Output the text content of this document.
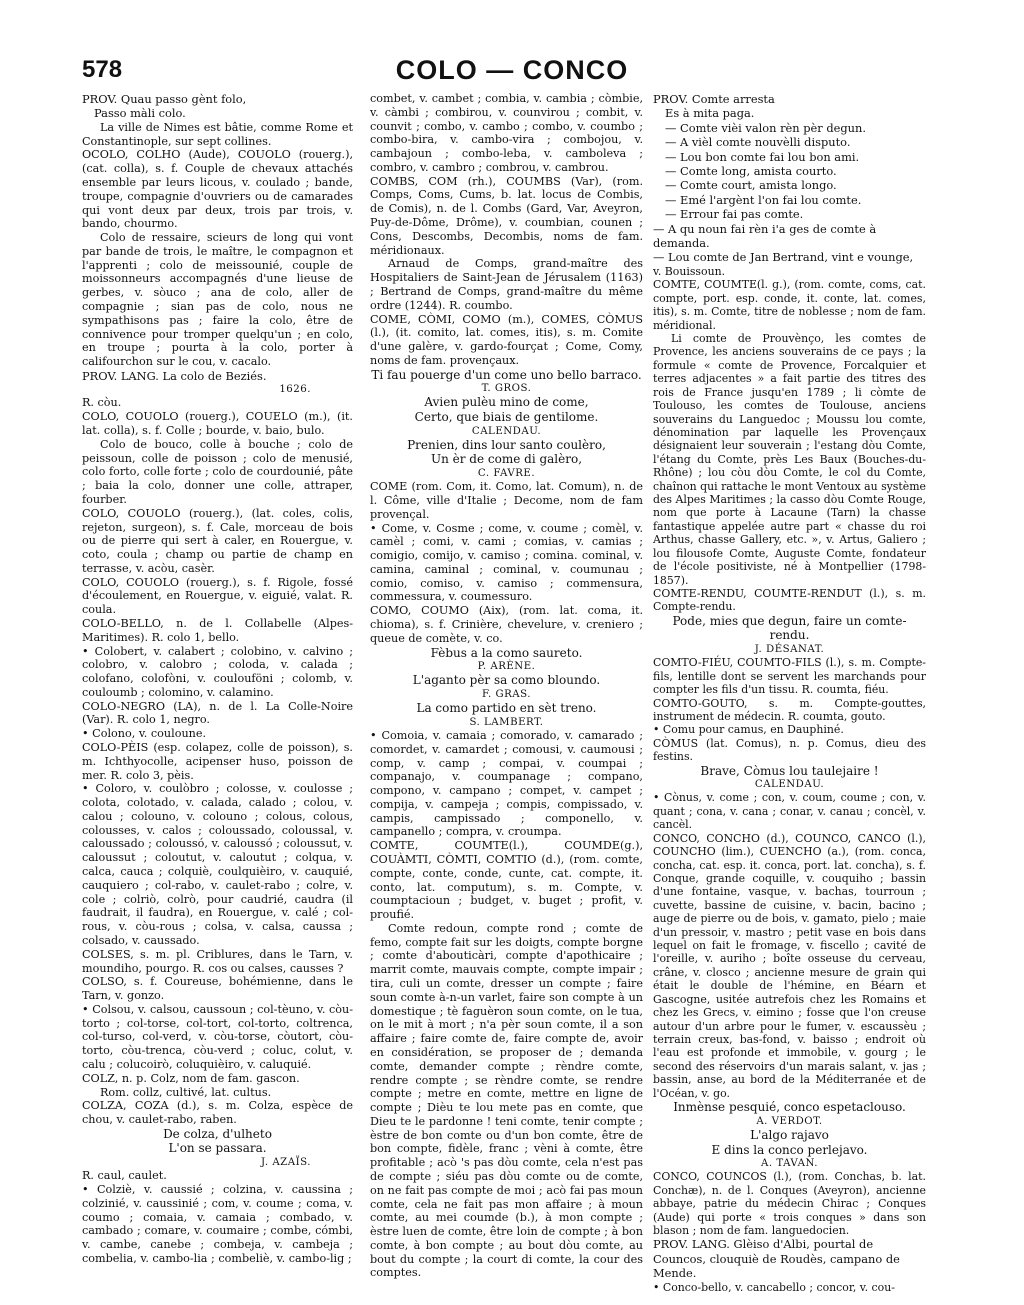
578	COLO — CONCO

PROV. Quau passo gènt folo,

Passo màli colo.

La ville de Nimes est bâtie, comme Rome et Constantinople, sur sept collines.

OCOLO, COLHO (Aude), COUOLO (rouerg.), (cat. colla), s. f. Couple de chevaux attachés ensemble par leurs licous, v. coulado ; bande, troupe, compagnie d'ouvriers ou de camarades qui vont deux par deux, trois par trois, v. bando, chourmo.

Colo de ressaire, scieurs de long qui vont par bande de trois, le maître, le compagnon et l'apprenti ; colo de meissounié, couple de moissonneurs accompagnés d'une lieuse de gerbes, v. sòuco ; ana de colo, aller de compagnie ; sian pas de colo, nous ne sympathisons pas ; faire la colo, être de connivence pour tromper quelqu'un ; en colo, en troupe ; pourta à la colo, porter à califourchon sur le cou, v. cacalo.

PROV. LANG. La colo de Beziés.

1626.

R. còu.

COLO, COUOLO (rouerg.), COUELO (m.), (it. lat. colla), s. f. Colle ; bourde, v. baio, bulo.

Colo de bouco, colle à bouche ; colo de peissoun, colle de poisson ; colo de menusié, colo forto, colle forte ; colo de courdounié, pâte ; baia la colo, donner une colle, attraper, fourber.

COLO, COUOLO (rouerg.), (lat. coles, colis, rejeton, surgeon), s. f. Cale, morceau de bois ou de pierre qui sert à caler, en Rouergue, v. coto, coula ; champ ou partie de champ en terrasse, v. acòu, casèr.

COLO, COUOLO (rouerg.), s. f. Rigole, fossé d'écoulement, en Rouergue, v. eiguié, valat. R. coula.

COLO-BELLO, n. de l. Collabelle (Alpes-Maritimes). R. colo 1, bello.

• Colobert, v. calabert ; colobino, v. calvino ; colobro, v. calobro ; coloda, v. calada ; colofano, colofòni, v. coulouföni ; colomb, v. couloumb ; colomino, v. calamino.

COLO-NEGRO (LA), n. de l. La Colle-Noire (Var). R. colo 1, negro.

• Colono, v. couloune.

COLO-PÈIS (esp. colapez, colle de poisson), s. m. Ichthyocolle, acipenser huso, poisson de mer. R. colo 3, pèis.

• Coloro, v. coulòbro ; colosse, v. coulosse ; colota, colotado, v. calada, calado ; colou, v. calou ; colouno, v. colouno ; colous, colous, colousses, v. calos ; coloussado, coloussal, v. caloussado ; coloussó, v. caloussó ; coloussut, v. caloussut ; coloutut, v. caloutut ; colqua, v. calca, cauca ; colquiè, coulquièiro, v. cauquié, cauquiero ; col-rabo, v. caulet-rabo ; colre, v. cole ; colriò, colrò, pour caudrié, caudra (il faudrait, il faudra), en Rouergue, v. calé ; col-rous, v. còu-rous ; colsa, v. calsa, caussa ; colsado, v. caussado.

COLSES, s. m. pl. Criblures, dans le Tarn, v. moundiho, pourgo. R. cos ou calses, causses ?

COLSO, s. f. Coureuse, bohémienne, dans le Tarn, v. gonzo.

• Colsou, v. calsou, caussoun ; col-tèuno, v. còu-torto ; col-torse, col-tort, col-torto, coltrenca, col-turso, col-verd, v. còu-torse, còutort, còu-torto, còu-trenca, còu-verd ; coluc, colut, v. calu ; colucoirò, coluquièiro, v. caluquié.

COLZ, n. p. Colz, nom de fam. gascon.

Rom. collz, cultivé, lat. cultus.

COLZA, COZA (d.), s. m. Colza, espèce de chou, v. caulet-rabo, raben.

De colza, d'ulheto

L'on se passara.

J. AZAÏS.

R. caul, caulet.

• Colziè, v. caussié ; colzina, v. caussina ; colzinié, v. caussinié ; com, v. coume ; coma, v. coumo ; comaia, v. camaia ; combado, v. cambado ; comare, v. coumaire ; combe, cómbi, v. cambe, canebe ; combeja, v. cambeja ; combelia, v. cambo-lia ; combeliè, v. cambo-lig ;

combet, v. cambet ; combia, v. cambia ; còmbie, v. càmbi ; combirou, v. counvirou ; combit, v. counvit ; combo, v. cambo ; combo, v. coumbo ; combo-bira, v. cambo-vira ; combojou, v. cambajoun ; combo-leba, v. camboleva ; combro, v. cambro ; combrou, v. cambrou.

COMBS, COM (rh.), COUMBS (Var), (rom. Comps, Coms, Cums, b. lat. locus de Combis, de Comis), n. de l. Combs (Gard, Var, Aveyron, Puy-de-Dôme, Drôme), v. coumbian, counen ; Cons, Descombs, Decombis, noms de fam. méridionaux.

Arnaud de Comps, grand-maître des Hospitaliers de Saint-Jean de Jérusalem (1163) ; Bertrand de Comps, grand-maître du même ordre (1244). R. coumbo.

COME, CÒMI, COMO (m.), COMES, CÒMUS (l.), (it. comito, lat. comes, itis), s. m. Comite d'une galère, v. gardo-fourçat ; Come, Comy, noms de fam. provençaux.

Ti fau pouerge d'un come uno bello barraco.

T. GROS.

Avien pulèu mino de come,

Certo, que biais de gentilome.

CALENDAU.

Prenien, dins lour santo coulèro,

Un èr de come di galèro,

C. FAVRE.

COME (rom. Com, it. Como, lat. Comum), n. de l. Côme, ville d'Italie ; Decome, nom de fam provençal.

• Come, v. Cosme ; come, v. coume ; comèl, v. camèl ; comi, v. cami ; comias, v. camias ; comigio, comijo, v. camiso ; comina. cominal, v. camina, caminal ; cominal, v. coumunau ; comio, comiso, v. camiso ; commensura, commessura, v. coumessuro.

COMO, COUMO (Aix), (rom. lat. coma, it. chioma), s. f. Crinière, chevelure, v. creniero ; queue de comète, v. co.

Fèbus a la como saureto.

P. ARÈNE.

L'aganto pèr sa como bloundo.

F. GRAS.

La como partido en sèt treno.

S. LAMBERT.

• Comoia, v. camaia ; comorado, v. camarado ; comordet, v. camardet ; comousi, v. caumousi ; comp, v. camp ; compai, v. coumpai ; companajo, v. coumpanage ; compano, compono, v. campano ; compet, v. campet ; compija, v. campeja ; compis, compissado, v. campis, campissado ; componello, v. campanello ; compra, v. croumpa.

COMTE, COUMTE(l.), COUMDE(g.), COUÀMTI, CÒMTI, COMTIO (d.), (rom. comte, compte, conte, conde, cunte, cat. compte, it. conto, lat. computum), s. m. Compte, v. coumptacioun ; budget, v. buget ; profit, v. proufié.

Comte redoun, compte rond ; comte de femo, compte fait sur les doigts, compte borgne ; comte d'abouticàri, compte d'apothicaire ; marrit comte, mauvais compte, compte impair ; tira, culi un comte, dresser un compte ; faire soun comte à-n-un varlet, faire son compte à un domestique ; tè faguèron soun comte, on le tua, on le mit à mort ; n'a pèr soun comte, il a son affaire ; faire comte de, faire compte de, avoir en considération, se proposer de ; demanda comte, demander compte ; rèndre comte, rendre compte ; se rèndre comte, se rendre compte ; metre en comte, mettre en ligne de compte ; Dièu te lou mete pas en comte, que Dieu te le pardonne ! teni comte, tenir compte ; èstre de bon comte ou d'un bon comte, être de bon compte, fidèle, franc ; vèni à comte, être profitable ; acò 's pas dòu comte, cela n'est pas de compte ; siéu pas dòu comte ou de comte, on ne fait pas compte de moi ; acò fai pas moun comte, cela ne fait pas mon affaire ; à moun comte, au mei coumde (b.), à mon compte ; èstre luen de comte, être loin de compte ; à bon comte, à bon compte ; au bout dòu comte, au bout du compte ; la court di comte, la cour des comptes.

PROV. Comte arresta

Es à mita paga.

— Comte vièi valon rèn pèr degun.

— A vièl comte nouvèlli disputo.

— Lou bon comte fai lou bon ami.

— Comte long, amista courto.

— Comte court, amista longo.

— Emé l'argènt l'on fai lou comte.

— Errour fai pas comte.

— A qu noun fai rèn i'a ges de comte à demanda.

— Lou comte de Jan Bertrand, vint e vounge,

v. Bouissoun.

COMTE, COUMTE(l. g.), (rom. comte, coms, cat. compte, port. esp. conde, it. conte, lat. comes, itis), s. m. Comte, titre de noblesse ; nom de fam. méridional.

Li comte de Prouvènço, les comtes de Provence, les anciens souverains de ce pays ; la formule « comte de Provence, Forcalquier et terres adjacentes » a fait partie des titres des rois de France jusqu'en 1789 ; li còmte de Toulouso, les comtes de Toulouse, anciens souverains du Languedoc ; Moussu lou comte, dénomination par laquelle les Provençaux désignaient leur souverain ; l'estang dòu Comte, l'étang du Comte, près Les Baux (Bouches-du-Rhône) ; lou còu dòu Comte, le col du Comte, chaînon qui rattache le mont Ventoux au système des Alpes Maritimes ; la casso dòu Comte Rouge, nom que porte à Lacaune (Tarn) la chasse fantastique appelée autre part « chasse du roi Arthus, chasse Gallery, etc. », v. Artus, Galiero ; lou filousofe Comte, Auguste Comte, fondateur de l'école positiviste, né à Montpellier (1798-1857).

COMTE-RENDU, COUMTE-RENDUT (l.), s. m. Compte-rendu.

Pode, mies que degun, faire un comte-rendu.

J. DÉSANAT.

COMTO-FIÉU, COUMTO-FILS (l.), s. m. Compte-fils, lentille dont se servent les marchands pour compter les fils d'un tissu. R. coumta, fiéu.

COMTO-GOUTO, s. m. Compte-gouttes, instrument de médecin. R. coumta, gouto.

• Comu pour camus, en Dauphiné.

CÒMUS (lat. Comus), n. p. Comus, dieu des festins.

Brave, Còmus lou taulejaire !

CALENDAU.

• Cònus, v. come ; con, v. coum, coume ; con, v. quant ; cona, v. cana ; conar, v. canau ; concèl, v. cancèl.

CONCO, CONCHO (d.), COUNCO, CANCO (l.), COUNCHO (lim.), CUENCHO (a.), (rom. conca, concha, cat. esp. it. conca, port. lat. concha), s. f. Conque, grande coquille, v. couquiho ; bassin d'une fontaine, vasque, v. bachas, tourroun ; cuvette, bassine de cuisine, v. bacin, bacino ; auge de pierre ou de bois, v. gamato, pielo ; maie d'un pressoir, v. mastro ; petit vase en bois dans lequel on fait le fromage, v. fiscello ; cavité de l'oreille, v. auriho ; boîte osseuse du cerveau, crâne, v. closco ; ancienne mesure de grain qui était le double de l'hémine, en Béarn et Gascogne, usitée autrefois chez les Romains et chez les Grecs, v. eimino ; fosse que l'on creuse autour d'un arbre pour le fumer, v. escaussèu ; terrain creux, bas-fond, v. baisso ; endroit où l'eau est profonde et immobile, v. gourg ; le second des réservoirs d'un marais salant, v. jas ; bassin, anse, au bord de la Méditerranée et de l'Océan, v. go.

Inmènse pesquié, conco espetaclouso.

A. VERDOT.

L'algo rajavo

E dins la conco perlejavo.

A. TAVAN.

CONCO, COUNCOS (l.), (rom. Conchas, b. lat. Conchæ), n. de l. Conques (Aveyron), ancienne abbaye, patrie du médecin Chirac ; Conques (Aude) qui porte « trois conques » dans son blason ; nom de fam. languedocien.

PROV. LANG. Glèiso d'Albi, pourtal de Councos, clouquiè de Roudès, campano de Mende.

• Conco-bello, v. cancabello ; concor, v. cou-
